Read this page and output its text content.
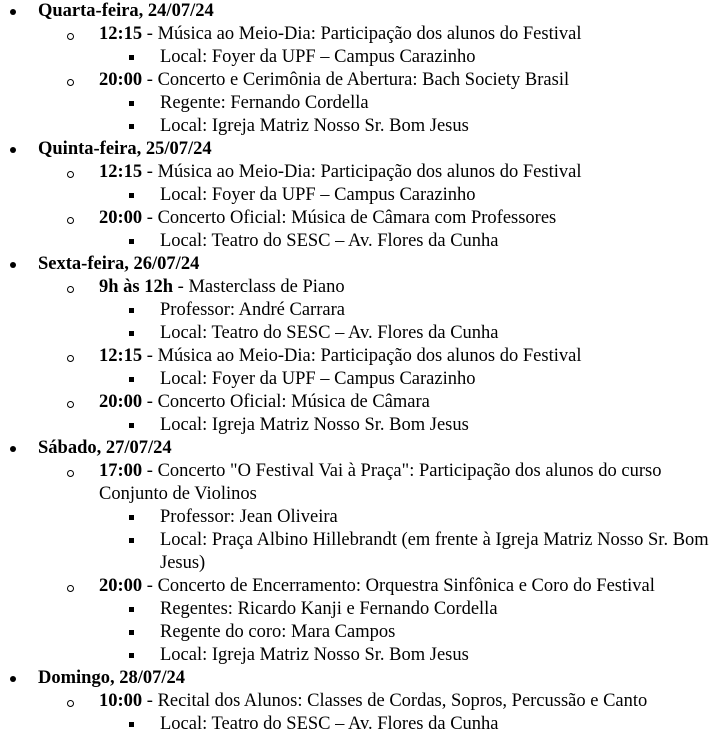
Quarta-feira, 24/07/24
12:15 - Música ao Meio-Dia: Participação dos alunos do Festival
Local: Foyer da UPF – Campus Carazinho
20:00 - Concerto e Cerimônia de Abertura: Bach Society Brasil
Regente: Fernando Cordella
Local: Igreja Matriz Nosso Sr. Bom Jesus
Quinta-feira, 25/07/24
12:15 - Música ao Meio-Dia: Participação dos alunos do Festival
Local: Foyer da UPF – Campus Carazinho
20:00 - Concerto Oficial: Música de Câmara com Professores
Local: Teatro do SESC – Av. Flores da Cunha
Sexta-feira, 26/07/24
9h às 12h - Masterclass de Piano
Professor: André Carrara
Local: Teatro do SESC – Av. Flores da Cunha
12:15 - Música ao Meio-Dia: Participação dos alunos do Festival
Local: Foyer da UPF – Campus Carazinho
20:00 - Concerto Oficial: Música de Câmara
Local: Igreja Matriz Nosso Sr. Bom Jesus
Sábado, 27/07/24
17:00 - Concerto "O Festival Vai à Praça": Participação dos alunos do curso Conjunto de Violinos
Professor: Jean Oliveira
Local: Praça Albino Hillebrandt (em frente à Igreja Matriz Nosso Sr. Bom Jesus)
20:00 - Concerto de Encerramento: Orquestra Sinfônica e Coro do Festival
Regentes: Ricardo Kanji e Fernando Cordella
Regente do coro: Mara Campos
Local: Igreja Matriz Nosso Sr. Bom Jesus
Domingo, 28/07/24
10:00 - Recital dos Alunos: Classes de Cordas, Sopros, Percussão e Canto
Local: Teatro do SESC – Av. Flores da Cunha
